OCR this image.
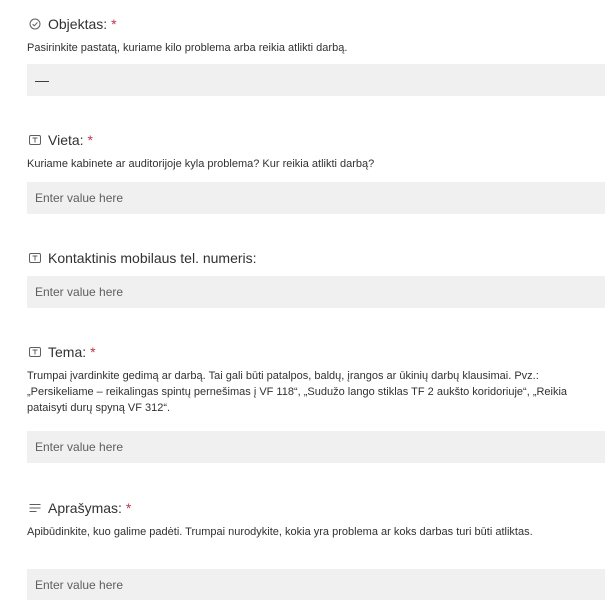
Objektas: *
Pasirinkite pastatą, kuriame kilo problema arba reikia atlikti darbą.
—
Vieta: *
Kuriame kabinete ar auditorijoje kyla problema? Kur reikia atlikti darbą?
Enter value here
Kontaktinis mobilaus tel. numeris:
Enter value here
Tema: *
Trumpai įvardinkite gedimą ar darbą. Tai gali būti patalpos, baldų, įrangos ar ūkinių darbų klausimai. Pvz.: „Persikeliame – reikalingas spintų pernešimas į VF 118“, „Sudužo lango stiklas TF 2 aukšto koridoriuje“, „Reikia pataisyti durų spyną VF 312“.
Enter value here
Aprašymas: *
Apibūdinkite, kuo galime padėti. Trumpai nurodykite, kokia yra problema ar koks darbas turi būti atliktas.
Enter value here
